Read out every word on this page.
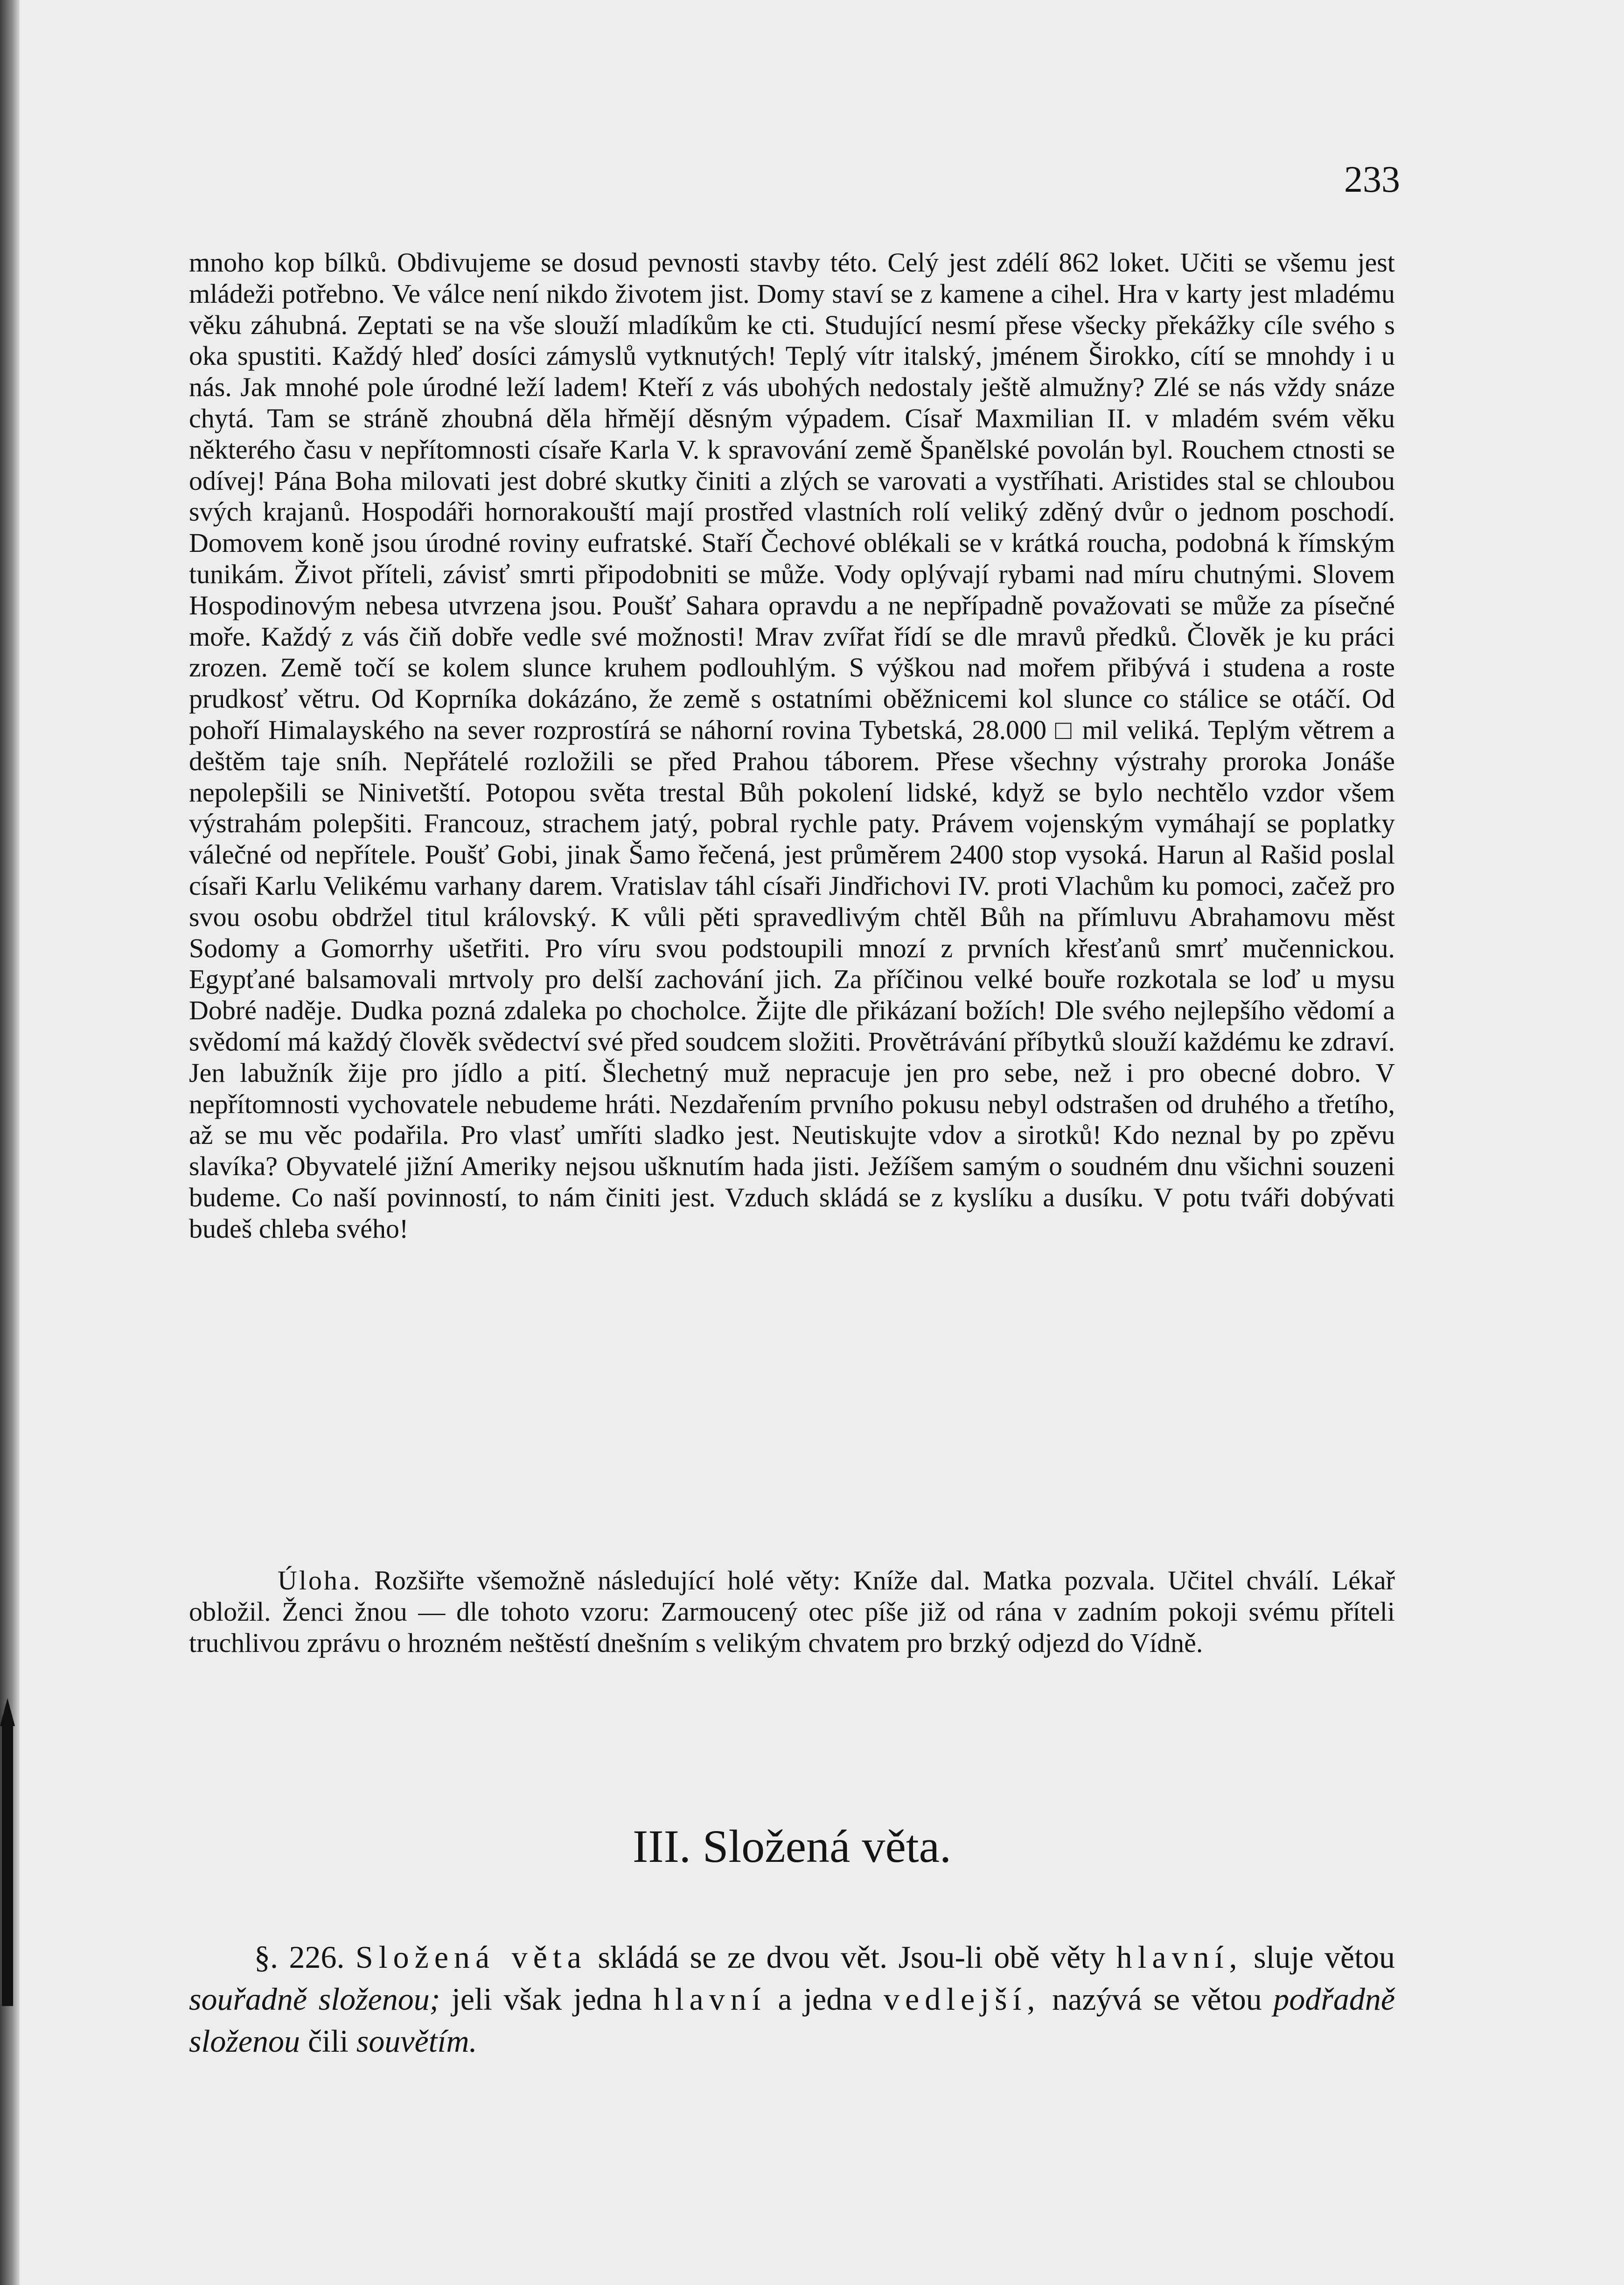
233

mnoho kop bílků. Obdivujeme se dosud pevnosti stavby této. Celý jest zdélí 862 loket. Učiti se všemu jest mládeži potřebno. Ve válce není nikdo životem jist. Domy staví se z kamene a cihel. Hra v karty jest mladému věku záhubná. Zeptati se na vše slouží mladíkům ke cti. Studující nesmí přese všecky překážky cíle svého s oka spustiti. Každý hleď dosíci zámyslů vytknutých! Teplý vítr italský, jménem Širokko, cítí se mnohdy i u nás. Jak mnohé pole úrodné leží ladem! Kteří z vás ubohých nedostaly ještě almužny? Zlé se nás vždy snáze chytá. Tam se stráně zhoubná děla hřmějí děsným výpadem. Císař Maxmilian II. v mladém svém věku některého času v nepřítomnosti císaře Karla V. k spravování země Španělské povolán byl. Rouchem ctnosti se odívej! Pána Boha milovati jest dobré skutky činiti a zlých se varovati a vystříhati. Aristides stal se chloubou svých krajanů. Hospodáři hornorakouští mají prostřed vlastních rolí veliký zděný dvůr o jednom poschodí. Domovem koně jsou úrodné roviny eufratské. Staří Čechové oblékali se v krátká roucha, podobná k římským tunikám. Život příteli, závisť smrti připodobniti se může. Vody oplývají rybami nad míru chutnými. Slovem Hospodinovým nebesa utvrzena jsou. Poušť Sahara opravdu a ne nepřípadně považovati se může za písečné moře. Každý z vás čiň dobře vedle své možnosti! Mrav zvířat řídí se dle mravů předků. Člověk je ku práci zrozen. Země točí se kolem slunce kruhem podlouhlým. S výškou nad mořem přibývá i studena a roste prudkosť větru. Od Koprníka dokázáno, že země s ostatními oběžnicemi kol slunce co stálice se otáčí. Od pohoří Himalayského na sever rozprostírá se náhorní rovina Tybetská, 28.000 □ mil veliká. Teplým větrem a deštěm taje sníh. Nepřátelé rozložili se před Prahou táborem. Přese všechny výstrahy proroka Jonáše nepolepšili se Ninivetští. Potopou světa trestal Bůh pokolení lidské, když se bylo nechtělo vzdor všem výstrahám polepšiti. Francouz, strachem jatý, pobral rychle paty. Právem vojenským vymáhají se poplatky válečné od nepřítele. Poušť Gobi, jinak Šamo řečená, jest průměrem 2400 stop vysoká. Harun al Rašid poslal císaři Karlu Velikému varhany darem. Vratislav táhl císaři Jindřichovi IV. proti Vlachům ku pomoci, začež pro svou osobu obdržel titul královský. K vůli pěti spravedlivým chtěl Bůh na přímluvu Abrahamovu měst Sodomy a Gomorrhy ušetřiti. Pro víru svou podstoupili mnozí z prvních křesťanů smrť mučennickou. Egypťané balsamovali mrtvoly pro delší zachování jich. Za příčinou velké bouře rozkotala se loď u mysu Dobré naděje. Dudka pozná zdaleka po chocholce. Žijte dle přikázaní božích! Dle svého nejlepšího vědomí a svědomí má každý člověk svědectví své před soudcem složiti. Provětrávání příbytků slouží každému ke zdraví. Jen labužník žije pro jídlo a pití. Šlechetný muž nepracuje jen pro sebe, než i pro obecné dobro. V nepřítomnosti vychovatele nebudeme hráti. Nezdařením prvního pokusu nebyl odstrašen od druhého a třetího, až se mu věc podařila. Pro vlasť umříti sladko jest. Neutiskujte vdov a sirotků! Kdo neznal by po zpěvu slavíka? Obyvatelé jižní Ameriky nejsou ušknutím hada jisti. Ježíšem samým o soudném dnu všichni souzeni budeme. Co naší povinností, to nám činiti jest. Vzduch skládá se z kyslíku a dusíku. V potu tváři dobývati budeš chleba svého!

Úloha. Rozšiřte všemožně následující holé věty: Kníže dal. Matka pozvala. Učitel chválí. Lékař obložil. Ženci žnou — dle tohoto vzoru: Zarmoucený otec píše již od rána v zadním pokoji svému příteli truchlivou zprávu o hrozném neštěstí dnešním s velikým chvatem pro brzký odjezd do Vídně.

III. Složená věta.

§. 226. Složená věta skládá se ze dvou vět. Jsou-li obě věty hlavní, sluje větou souřadně složenou; jeli však jedna hlavní a jedna vedlejší, nazývá se větou podřadně složenou čili souvětím.
